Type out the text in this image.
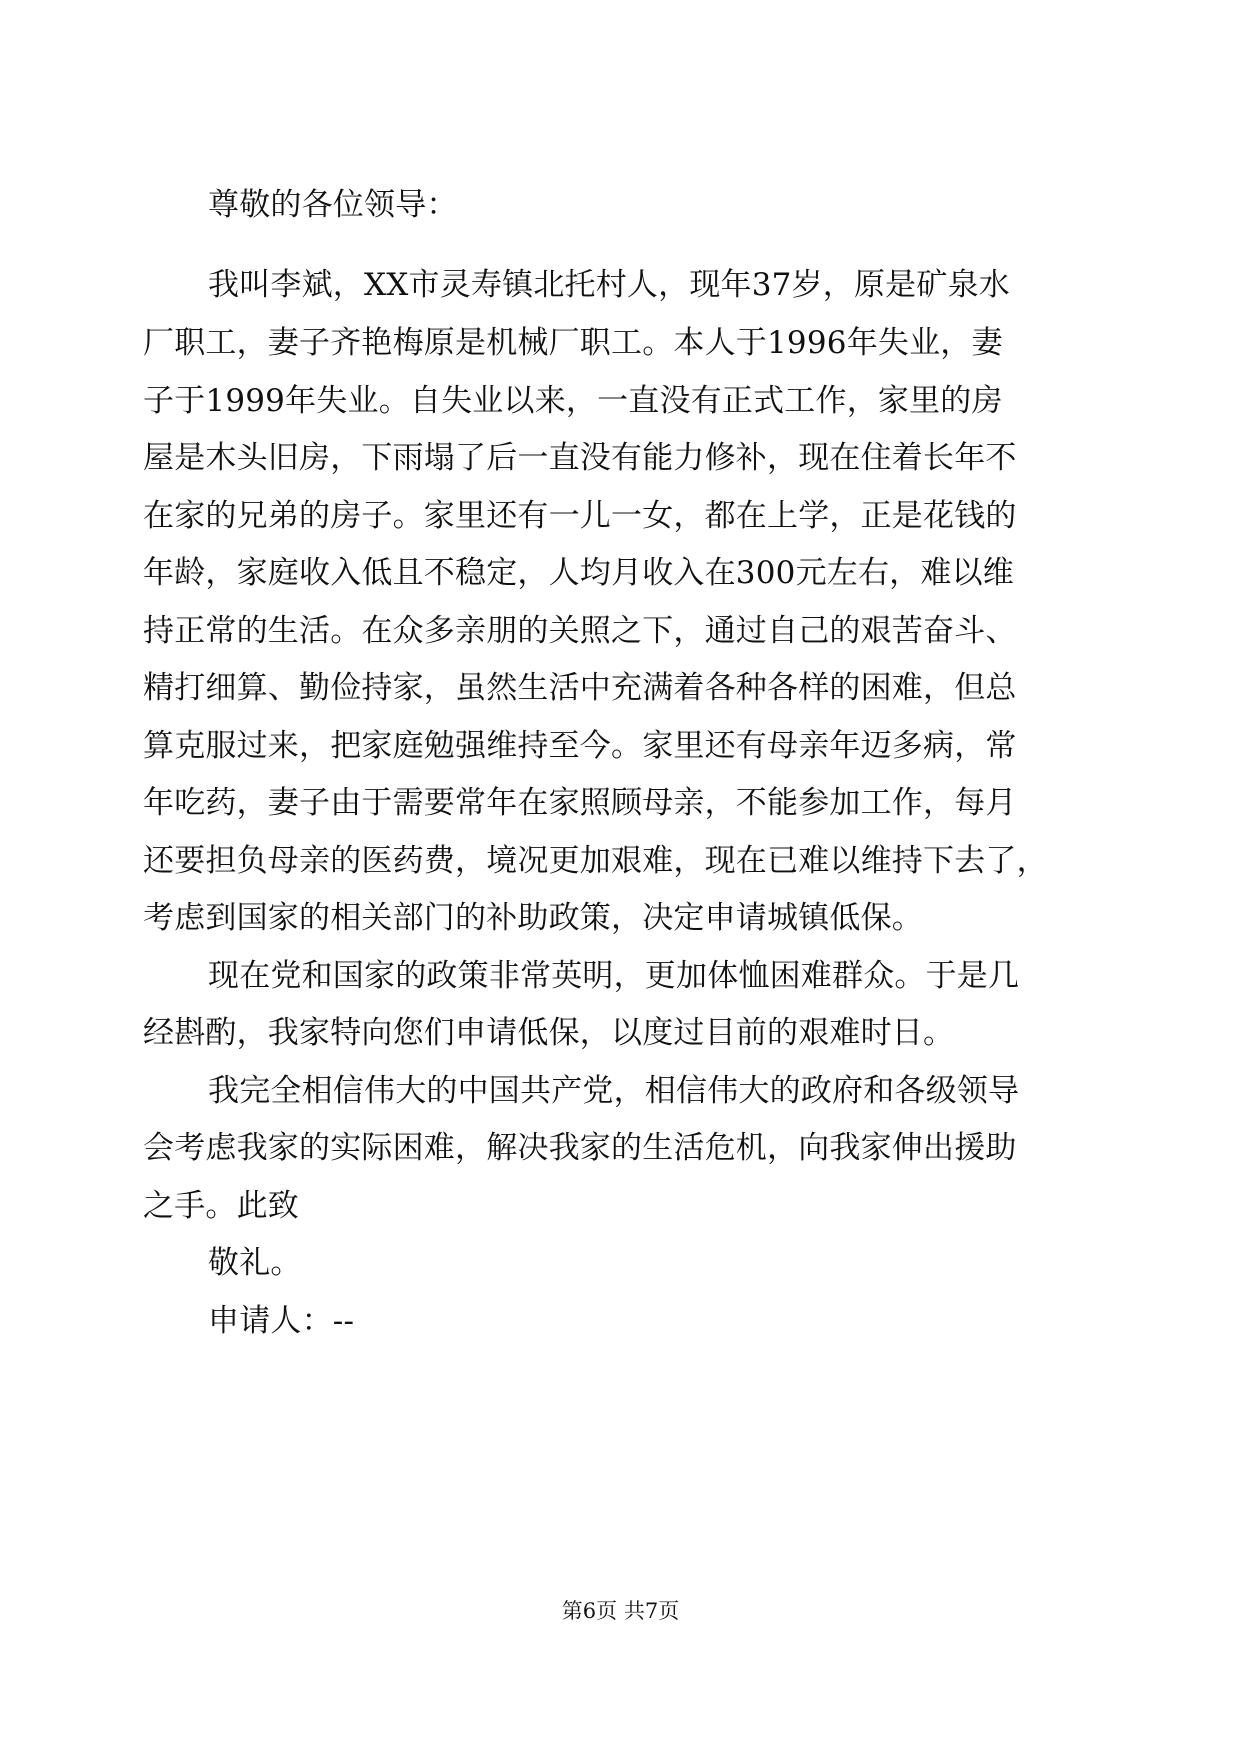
尊敬的各位领导：
我叫李斌，XX市灵寿镇北托村人，现年37岁，原是矿泉水
厂职工，妻子齐艳梅原是机械厂职工。本人于1996年失业，妻
子于1999年失业。自失业以来，一直没有正式工作，家里的房
屋是木头旧房，下雨塌了后一直没有能力修补，现在住着长年不
在家的兄弟的房子。家里还有一儿一女，都在上学，正是花钱的
年龄，家庭收入低且不稳定，人均月收入在300元左右，难以维
持正常的生活。在众多亲朋的关照之下，通过自己的艰苦奋斗、
精打细算、勤俭持家，虽然生活中充满着各种各样的困难，但总
算克服过来，把家庭勉强维持至今。家里还有母亲年迈多病，常
年吃药，妻子由于需要常年在家照顾母亲，不能参加工作，每月
还要担负母亲的医药费，境况更加艰难，现在已难以维持下去了，
考虑到国家的相关部门的补助政策，决定申请城镇低保。
现在党和国家的政策非常英明，更加体恤困难群众。于是几
经斟酌，我家特向您们申请低保，以度过目前的艰难时日。
我完全相信伟大的中国共产党，相信伟大的政府和各级领导
会考虑我家的实际困难，解决我家的生活危机，向我家伸出援助
之手。此致
敬礼。
申请人：--
第6页 共7页
